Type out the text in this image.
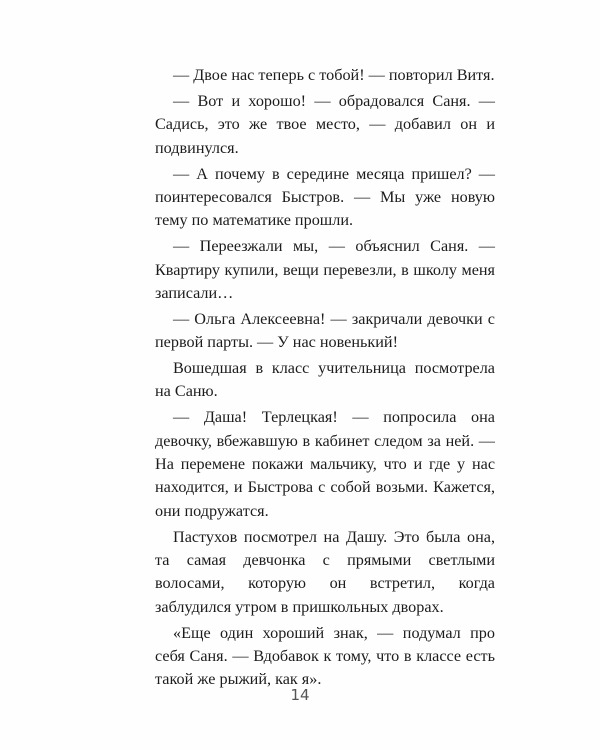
— Двое нас теперь с тобой! — повторил Витя.

— Вот и хорошо! — обрадовался Саня. — Садись, это же твое место, — добавил он и подвинулся.

— А почему в середине месяца пришел? — поинтересовался Быстров. — Мы уже новую тему по математике прошли.

— Переезжали мы, — объяснил Саня. — Квартиру купили, вещи перевезли, в школу меня записали…

— Ольга Алексеевна! — закричали девочки с первой парты. — У нас новенький!

Вошедшая в класс учительница посмотрела на Саню.

— Даша! Терлецкая! — попросила она девочку, вбежавшую в кабинет следом за ней. — На перемене покажи мальчику, что и где у нас находится, и Быстрова с собой возьми. Кажется, они подружатся.

Пастухов посмотрел на Дашу. Это была она, та самая девчонка с прямыми светлыми волосами, которую он встретил, когда заблудился утром в пришкольных дворах.

«Еще один хороший знак, — подумал про себя Саня. — Вдобавок к тому, что в классе есть такой же рыжий, как я».

14
